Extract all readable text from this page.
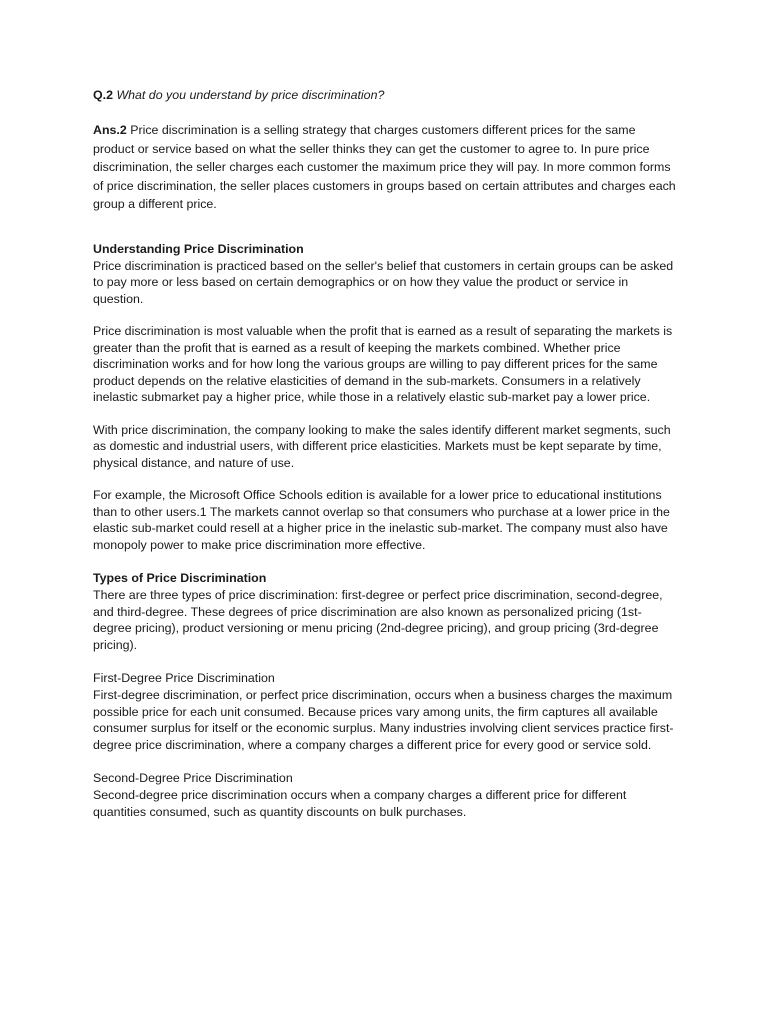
Q.2 What do you understand by price discrimination?

Ans.2 Price discrimination is a selling strategy that charges customers different prices for the same product or service based on what the seller thinks they can get the customer to agree to. In pure price discrimination, the seller charges each customer the maximum price they will pay. In more common forms of price discrimination, the seller places customers in groups based on certain attributes and charges each group a different price.

Understanding Price Discrimination

Price discrimination is practiced based on the seller's belief that customers in certain groups can be asked to pay more or less based on certain demographics or on how they value the product or service in question.

Price discrimination is most valuable when the profit that is earned as a result of separating the markets is greater than the profit that is earned as a result of keeping the markets combined. Whether price discrimination works and for how long the various groups are willing to pay different prices for the same product depends on the relative elasticities of demand in the sub-markets. Consumers in a relatively inelastic submarket pay a higher price, while those in a relatively elastic sub-market pay a lower price.

With price discrimination, the company looking to make the sales identify different market segments, such as domestic and industrial users, with different price elasticities. Markets must be kept separate by time, physical distance, and nature of use.

For example, the Microsoft Office Schools edition is available for a lower price to educational institutions than to other users.1 The markets cannot overlap so that consumers who purchase at a lower price in the elastic sub-market could resell at a higher price in the inelastic sub-market. The company must also have monopoly power to make price discrimination more effective.

Types of Price Discrimination

There are three types of price discrimination: first-degree or perfect price discrimination, second-degree, and third-degree. These degrees of price discrimination are also known as personalized pricing (1st-degree pricing), product versioning or menu pricing (2nd-degree pricing), and group pricing (3rd-degree pricing).

First-Degree Price Discrimination

First-degree discrimination, or perfect price discrimination, occurs when a business charges the maximum possible price for each unit consumed. Because prices vary among units, the firm captures all available consumer surplus for itself or the economic surplus. Many industries involving client services practice first-degree price discrimination, where a company charges a different price for every good or service sold.

Second-Degree Price Discrimination

Second-degree price discrimination occurs when a company charges a different price for different quantities consumed, such as quantity discounts on bulk purchases.
